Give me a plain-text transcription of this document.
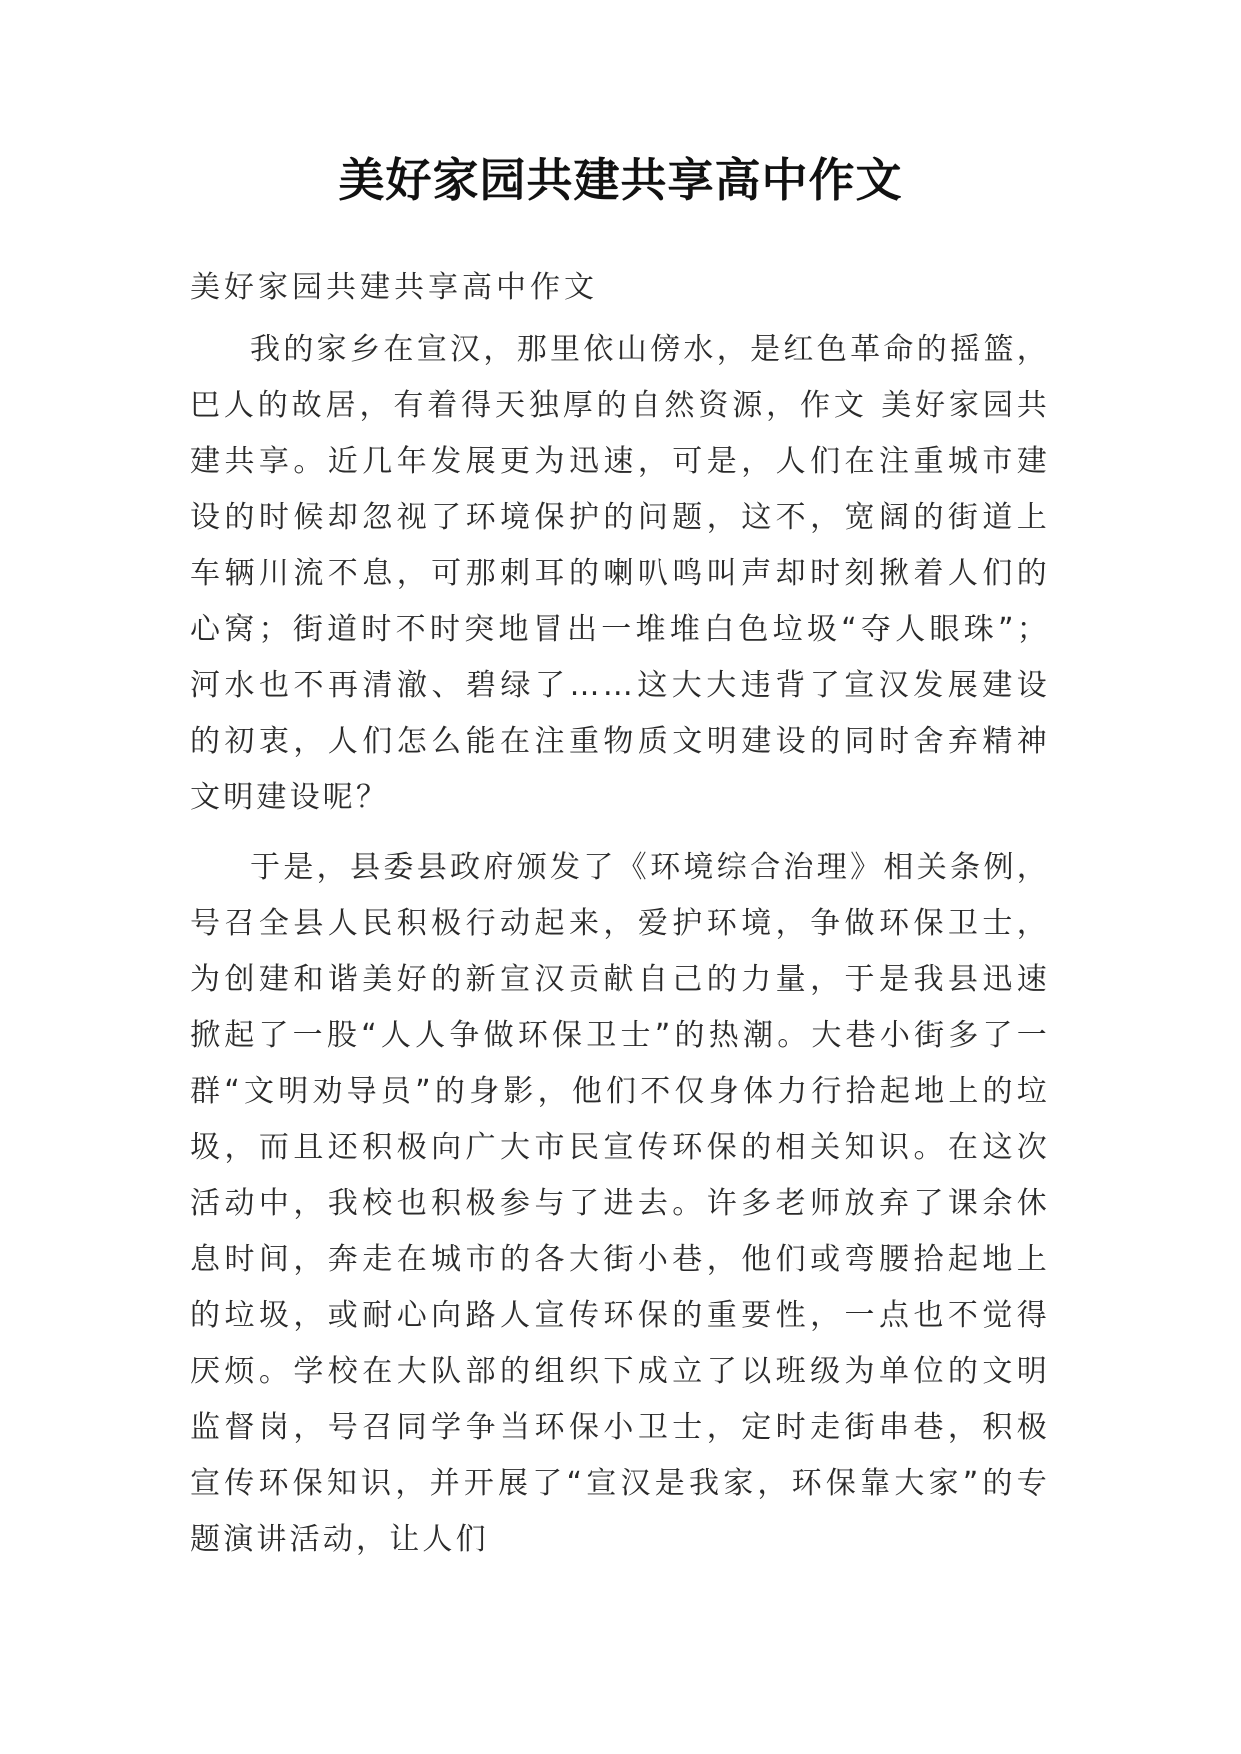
美好家园共建共享高中作文

美好家园共建共享高中作文

我的家乡在宣汉，那里依山傍水，是红色革命的摇篮，巴人的故居，有着得天独厚的自然资源，作文 美好家园共建共享。近几年发展更为迅速，可是，人们在注重城市建设的时候却忽视了环境保护的问题，这不，宽阔的街道上车辆川流不息，可那刺耳的喇叭鸣叫声却时刻揪着人们的心窝；街道时不时突地冒出一堆堆白色垃圾“夺人眼珠”；河水也不再清澈、碧绿了……这大大违背了宣汉发展建设的初衷，人们怎么能在注重物质文明建设的同时舍弃精神文明建设呢？

于是，县委县政府颁发了《环境综合治理》相关条例，号召全县人民积极行动起来，爱护环境，争做环保卫士，为创建和谐美好的新宣汉贡献自己的力量，于是我县迅速掀起了一股“人人争做环保卫士”的热潮。大巷小街多了一群“文明劝导员”的身影，他们不仅身体力行拾起地上的垃圾，而且还积极向广大市民宣传环保的相关知识。在这次活动中，我校也积极参与了进去。许多老师放弃了课余休息时间，奔走在城市的各大街小巷，他们或弯腰拾起地上的垃圾，或耐心向路人宣传环保的重要性，一点也不觉得厌烦。学校在大队部的组织下成立了以班级为单位的文明监督岗，号召同学争当环保小卫士，定时走街串巷，积极宣传环保知识，并开展了“宣汉是我家，环保靠大家”的专题演讲活动，让人们
